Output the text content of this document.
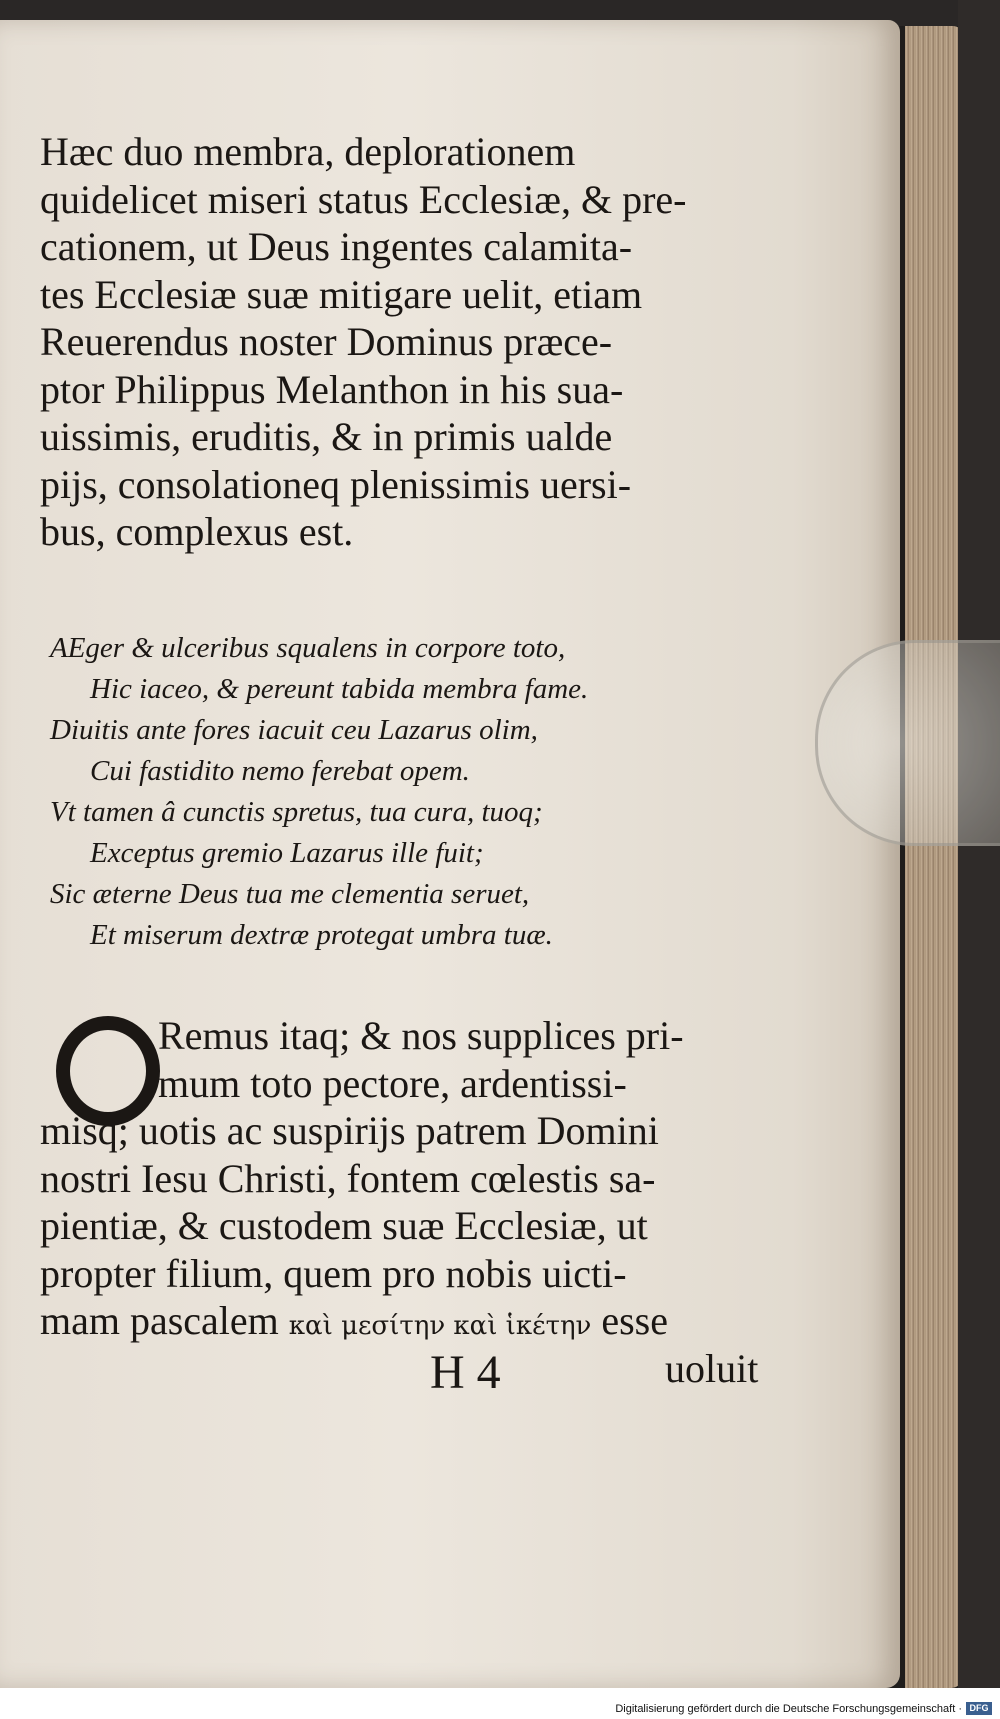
Hæc duo membra, deplorationem
quidelicet miseri status Ecclesiæ, & pre-
cationem, ut Deus ingentes calamita-
tes Ecclesiæ suæ mitigare uelit, etiam
Reuerendus noster Dominus præce-
ptor Philippus Melanthon in his sua-
uissimis, eruditis, & in primis ualde
pijs, consolationeq plenissimis uersi-
bus, complexus est.
AEger & ulceribus squalens in corpore toto,
Hic iaceo, & pereunt tabida membra fame.
Diuitis ante fores iacuit ceu Lazarus olim,
Cui fastidito nemo ferebat opem.
Vt tamen â cunctis spretus, tua cura, tuoq;
Exceptus gremio Lazarus ille fuit;
Sic æterne Deus tua me clementia seruet,
Et miserum dextræ protegat umbra tuæ.
Remus itaq; & nos supplices pri-
mum toto pectore, ardentissi-
misq; uotis ac suspirijs patrem Domini
nostri Iesu Christi, fontem cœlestis sa-
pientiæ, & custodem suæ Ecclesiæ, ut
propter filium, quem pro nobis uicti-
mam pascalem καὶ μεσίτην καὶ ἱκέτην esse
H 4	uoluit
Digitalisierung gefördert durch die Deutsche Forschungsgemeinschaft · DFG
